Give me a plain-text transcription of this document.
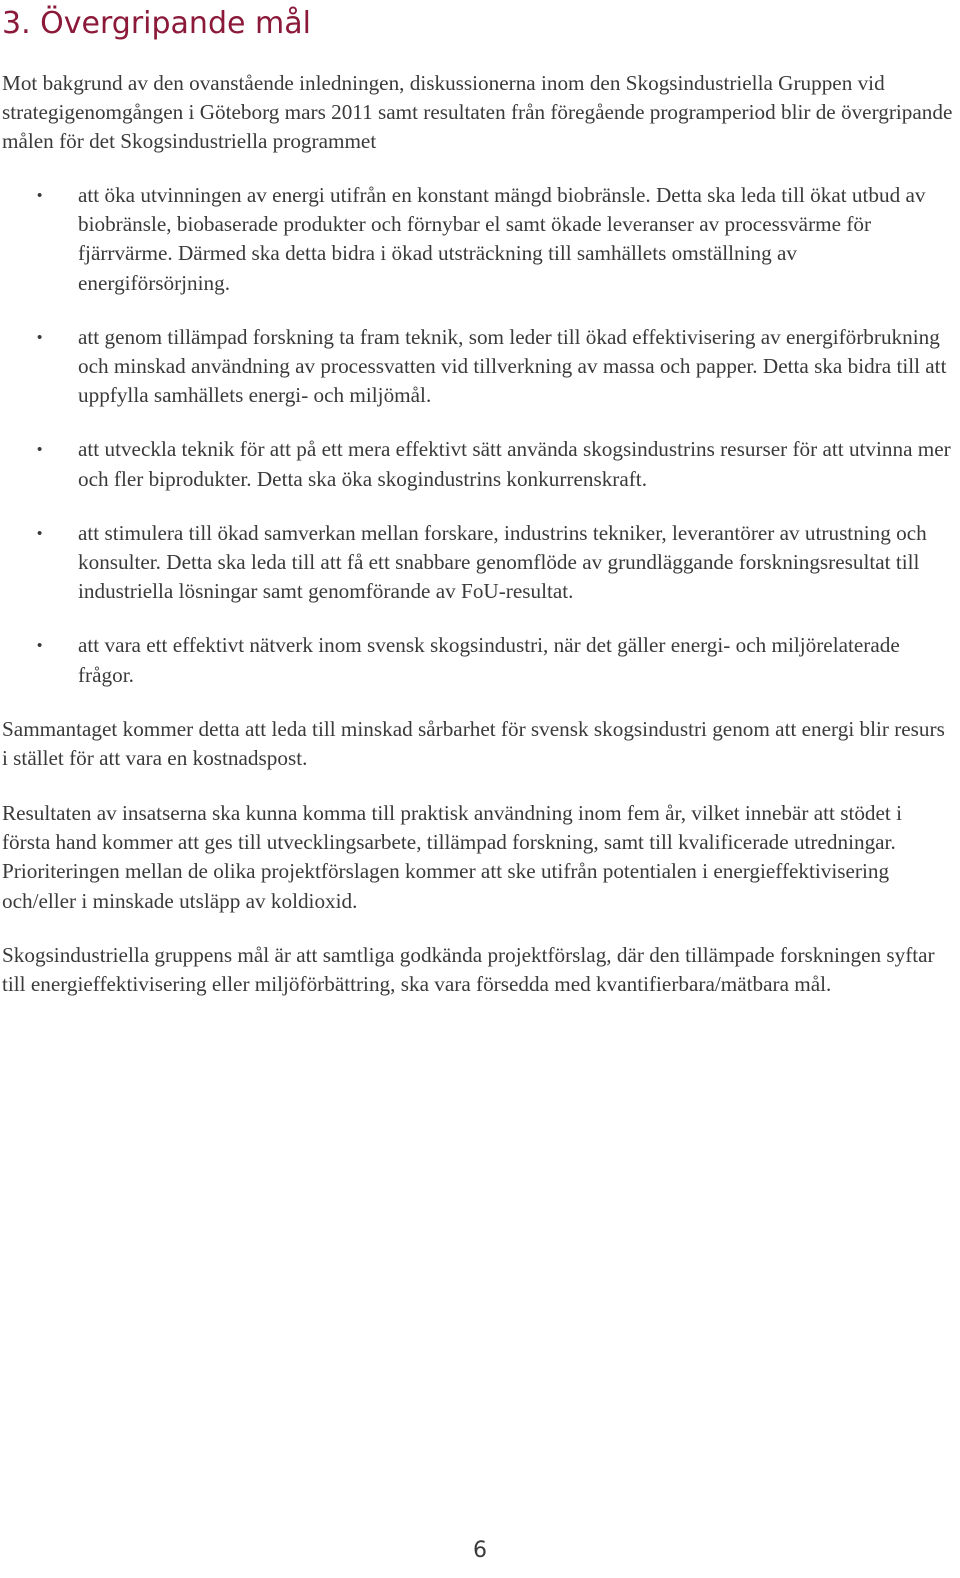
3. Övergripande mål

Mot bakgrund av den ovanstående inledningen, diskussionerna inom den Skogsindustriella Gruppen vid strategigenomgången i Göteborg mars 2011 samt resultaten från föregående programperiod blir de övergripande målen för det Skogsindustriella programmet

• att öka utvinningen av energi utifrån en konstant mängd biobränsle. Detta ska leda till ökat utbud av biobränsle, biobaserade produkter och förnybar el samt ökade leveranser av processvärme för fjärrvärme. Därmed ska detta bidra i ökad utsträckning till samhällets omställning av energiförsörjning.
• att genom tillämpad forskning ta fram teknik, som leder till ökad effektivisering av energiförbrukning och minskad användning av processvatten vid tillverkning av massa och papper. Detta ska bidra till att uppfylla samhällets energi- och miljömål.
• att utveckla teknik för att på ett mera effektivt sätt använda skogsindustrins resurser för att utvinna mer och fler biprodukter. Detta ska öka skogindustrins konkurrenskraft.
• att stimulera till ökad samverkan mellan forskare, industrins tekniker, leverantörer av utrustning och konsulter. Detta ska leda till att få ett snabbare genomflöde av grundläggande forskningsresultat till industriella lösningar samt genomförande av FoU-resultat.
• att vara ett effektivt nätverk inom svensk skogsindustri, när det gäller energi- och miljörelaterade frågor.

Sammantaget kommer detta att leda till minskad sårbarhet för svensk skogsindustri genom att energi blir resurs i stället för att vara en kostnadspost.

Resultaten av insatserna ska kunna komma till praktisk användning inom fem år, vilket innebär att stödet i första hand kommer att ges till utvecklingsarbete, tillämpad forskning, samt till kvalificerade utredningar. Prioriteringen mellan de olika projektförslagen kommer att ske utifrån potentialen i energieffektivisering och/eller i minskade utsläpp av koldioxid.

Skogsindustriella gruppens mål är att samtliga godkända projektförslag, där den tillämpade forskningen syftar till energieffektivisering eller miljöförbättring, ska vara försedda med kvantifierbara/mätbara mål.

6
